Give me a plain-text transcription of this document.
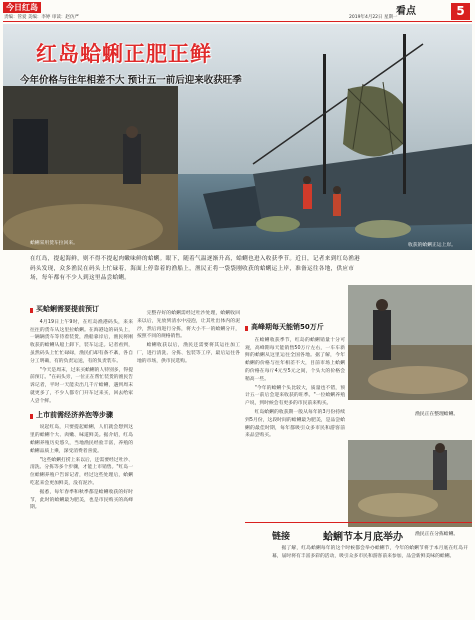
今日红岛
责编：管爱 美编：李婷 审读：赵仿严
看点
2019年4月22日 星期一	5
红岛蛤蜊正肥正鲜
今年价格与往年相差不大 预计五一前后迎来收获旺季
蛤蜊采用货车拉回来。	收获的蛤蜊正运上岸。
在红岛，提起海鲜，则不得不提起肉嫩味鲜的蛤蜊。眼下，随着气温逐渐升高，蛤蜊也进入收获季节。近日，记者来到红岛渔港码头发现，众多渔民在码头上忙碌着，海面上停靠着的渔船上，渔民正将一袋袋刚收获的蛤蜊运上岸，准备运往各地，供应市场，每年都有不少人到这里品尝蛤蜊。
渔民正在整理蛤蜊。
渔民正在分拣蛤蜊。
买蛤蜊需要提前预订

4月19日上午9时，在红岛渔港码头，来来往往的货车从这里拉蛤蜊。在海港边的码头上，一辆辆货车等待着装货，渔船靠岸后，渔民将刚收获的蛤蜊从船上卸下，装车运走。记者看到，虽然码头上忙忙碌碌，渔民们却有条不紊，各自分工明确，有的负责运送，有的负责装车。

"今天是周末，过来买蛤蜊的人特别多，得提前预订。"在码头旁，一位正在帮忙装货的渔民告诉记者，平时一天能卖出几千斤蛤蜊，遇到周末就更多了，不少人都专门开车过来买，回去给家人尝个鲜。

上市前需经济养泡等步骤

说起红岛，只要提起蛤蜊，人们就会想到这里的蛤蜊个大、肉嫩、味道鲜美。据介绍，红岛蛤蜊养殖历史悠久，当地渔民经验丰富，养殖的蛤蜊品质上乘，深受消费者喜爱。

"这些蛤蜊打捞上来以后，还需要经过吐沙、清洗、分拣等多个步骤，才能上市销售。"红岛一位蛤蜊养殖户告诉记者，经过这些处理后，蛤蜊吃起来会更加鲜美，没有泥沙。

据悉，每年春季和秋季都是蛤蜊收获的好时节，此时的蛤蜊最为肥美，也是市民购买的高峰期。

完整存好的蛤蜊需经过吐沙处理，蛤蜊收回来以后，先放到清水中浸泡，让其吐出体内的泥沙，然后再进行分拣，将大小不一的蛤蜊分开，按照不同的规格销售。

蛤蜊收获以后，渔民还需要将其运往加工厂，进行清洗、分拣、包装等工序，最后运往各地的市场，供市民选购。

高峰期每天能销50万斤

在蛤蜊收获季节，红岛的蛤蜊销量十分可观，高峰期每天能销售50万斤左右，一车车新鲜的蛤蜊从这里运往全国各地。据了解，今年蛤蜊的价格与往年相差不大，目前市场上蛤蜊的价格在每斤4元至5元之间，个头大的价格会稍高一些。

"今年的蛤蜊个头比较大，质量也不错，预计五一前后会迎来收获的旺季。"一位蛤蜊养殖户说，到时候会有更多的市民前来购买。

红岛蛤蜊的收获期一般从每年的3月份持续到5月份，这段时间的蛤蜊最为肥美，是品尝蛤蜊的最佳时期，每年都吸引众多市民和游客前来品尝购买。

链接	蛤蜊节本月底举办
据了解，红岛蛤蜊每年的这个时候都会举办蛤蜊节，今年的蛤蜊节将于本月底在红岛开幕，届时将有丰富多彩的活动，吸引众多市民和游客前来参加，品尝新鲜美味的蛤蜊。
